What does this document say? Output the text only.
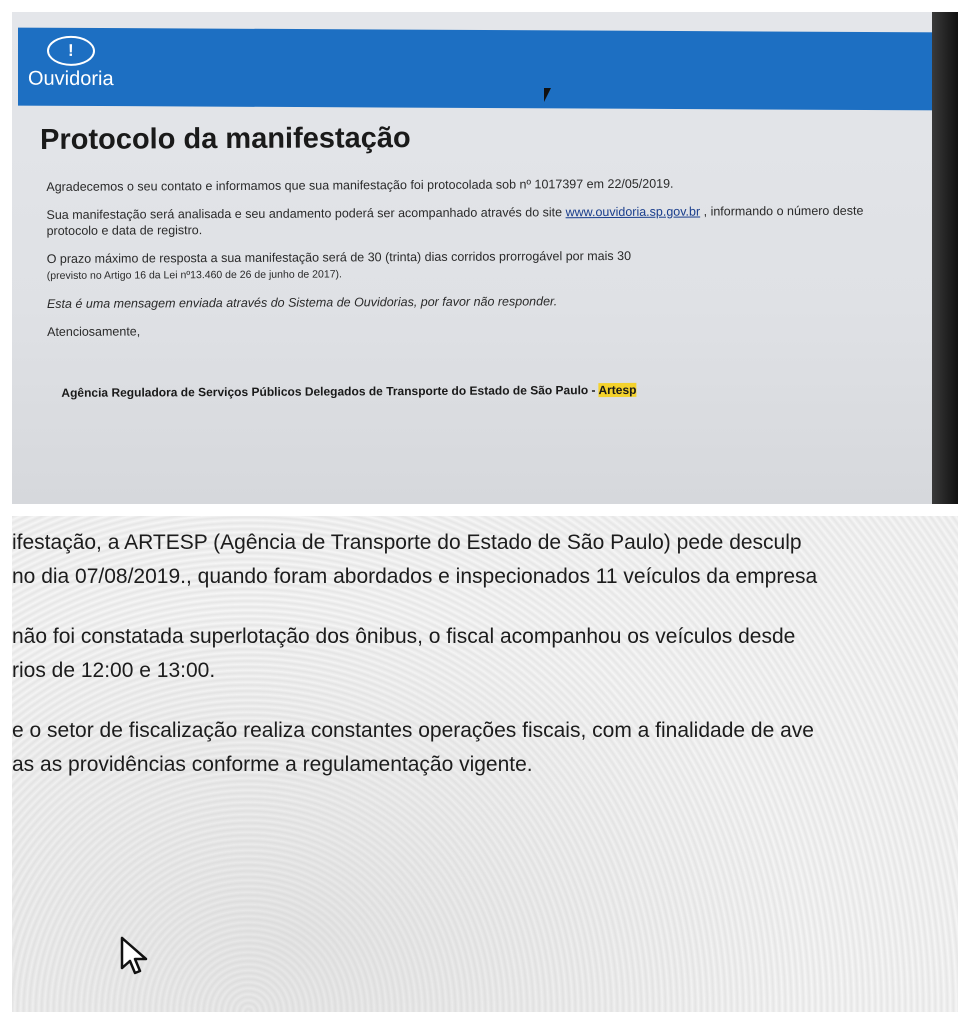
!
Ouvidoria
Protocolo da manifestação

Agradecemos o seu contato e informamos que sua manifestação foi protocolada sob nº 1017397 em 22/05/2019.

Sua manifestação será analisada e seu andamento poderá ser acompanhado através do site www.ouvidoria.sp.gov.br , informando o número deste protocolo e data de registro.

O prazo máximo de resposta a sua manifestação será de 30 (trinta) dias corridos prorrogável por mais 30
(previsto no Artigo 16 da Lei nº13.460 de 26 de junho de 2017).

Esta é uma mensagem enviada através do Sistema de Ouvidorias, por favor não responder.

Atenciosamente,

Agência Reguladora de Serviços Públicos Delegados de Transporte do Estado de São Paulo - Artesp

ifestação, a ARTESP (Agência de Transporte do Estado de São Paulo) pede desculp

no dia 07/08/2019., quando foram abordados e inspecionados 11 veículos da empresa

não foi constatada superlotação dos ônibus, o fiscal acompanhou os veículos desde

rios de 12:00 e 13:00.

e o setor de fiscalização realiza constantes operações fiscais, com a finalidade de ave

as as providências conforme a regulamentação vigente.
